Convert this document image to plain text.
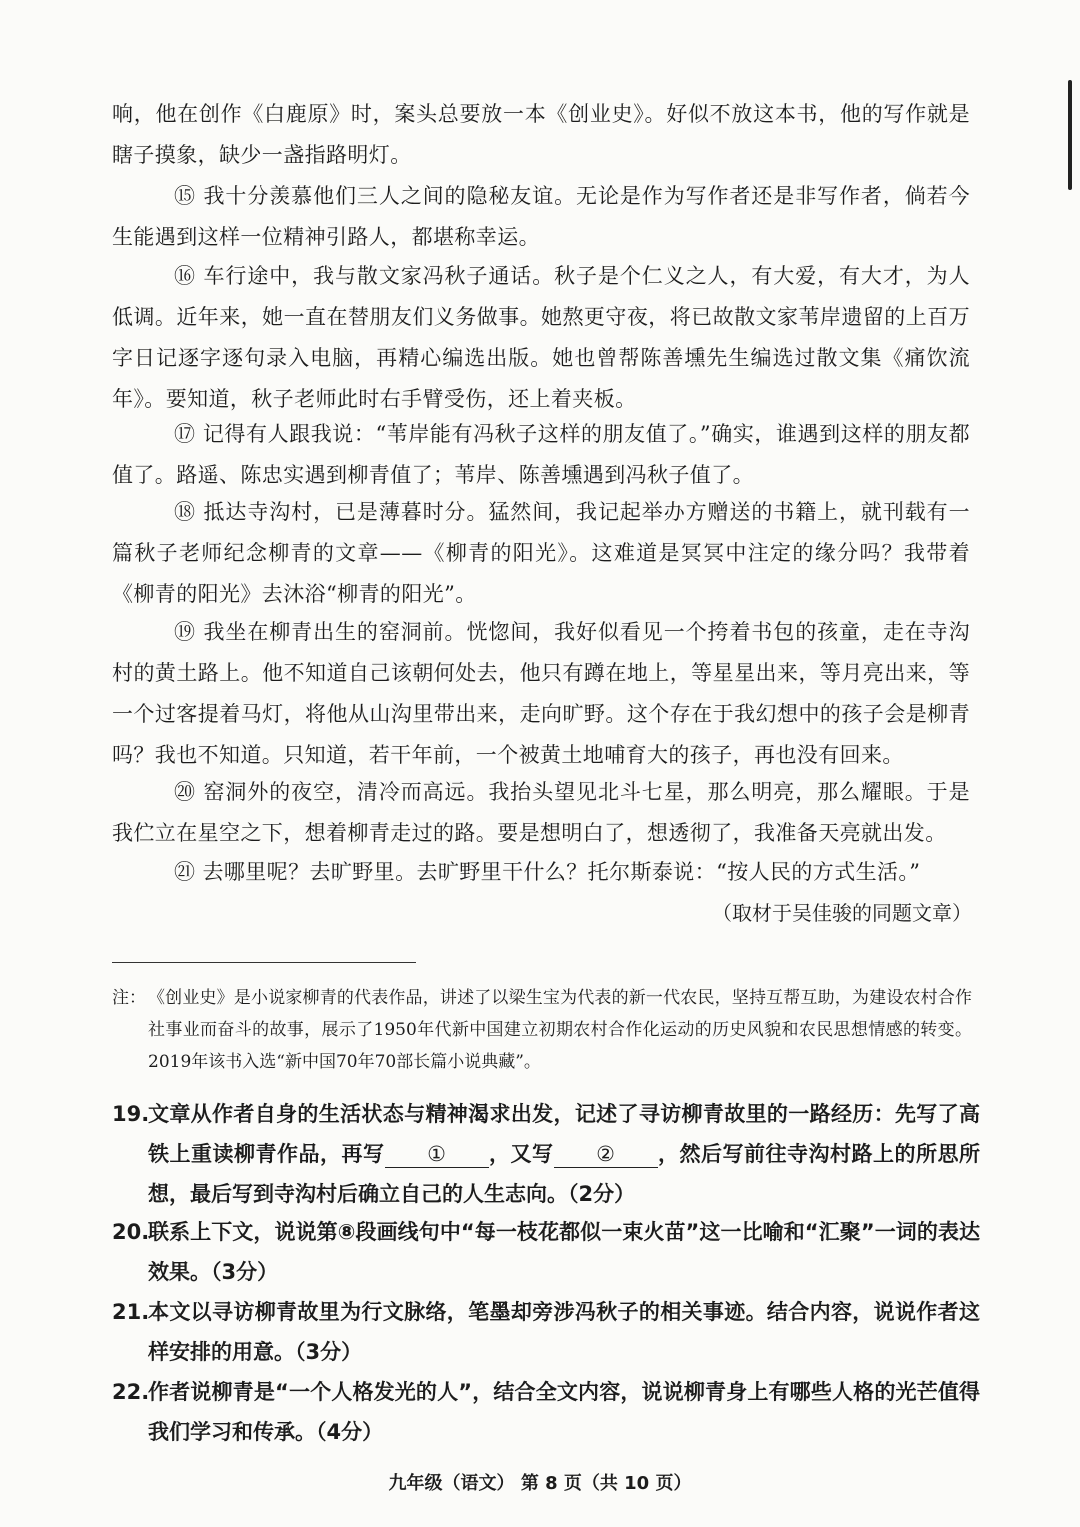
响，他在创作《白鹿原》时，案头总要放一本《创业史》。好似不放这本书，他的写作就是瞎子摸象，缺少一盏指路明灯。
⑮ 我十分羡慕他们三人之间的隐秘友谊。无论是作为写作者还是非写作者，倘若今生能遇到这样一位精神引路人，都堪称幸运。
⑯ 车行途中，我与散文家冯秋子通话。秋子是个仁义之人，有大爱，有大才，为人低调。近年来，她一直在替朋友们义务做事。她熬更守夜，将已故散文家苇岸遗留的上百万字日记逐字逐句录入电脑，再精心编选出版。她也曾帮陈善壎先生编选过散文集《痛饮流年》。要知道，秋子老师此时右手臂受伤，还上着夹板。
⑰ 记得有人跟我说：“苇岸能有冯秋子这样的朋友值了。”确实，谁遇到这样的朋友都值了。路遥、陈忠实遇到柳青值了；苇岸、陈善壎遇到冯秋子值了。
⑱ 抵达寺沟村，已是薄暮时分。猛然间，我记起举办方赠送的书籍上，就刊载有一篇秋子老师纪念柳青的文章——《柳青的阳光》。这难道是冥冥中注定的缘分吗？我带着《柳青的阳光》去沐浴“柳青的阳光”。
⑲ 我坐在柳青出生的窑洞前。恍惚间，我好似看见一个挎着书包的孩童，走在寺沟村的黄土路上。他不知道自己该朝何处去，他只有蹲在地上，等星星出来，等月亮出来，等一个过客提着马灯，将他从山沟里带出来，走向旷野。这个存在于我幻想中的孩子会是柳青吗？我也不知道。只知道，若干年前，一个被黄土地哺育大的孩子，再也没有回来。
⑳ 窑洞外的夜空，清冷而高远。我抬头望见北斗七星，那么明亮，那么耀眼。于是我伫立在星空之下，想着柳青走过的路。要是想明白了，想透彻了，我准备天亮就出发。
㉑ 去哪里呢？去旷野里。去旷野里干什么？托尔斯泰说：“按人民的方式生活。”
（取材于吴佳骏的同题文章）
注： 《创业史》是小说家柳青的代表作品，讲述了以梁生宝为代表的新一代农民，坚持互帮互助，为建设农村合作社事业而奋斗的故事，展示了1950年代新中国建立初期农村合作化运动的历史风貌和农民思想情感的转变。2019年该书入选“新中国70年70部长篇小说典藏”。
19.文章从作者自身的生活状态与精神渴求出发，记述了寻访柳青故里的一路经历：先写了高铁上重读柳青作品，再写 ① ，又写 ② ，然后写前往寺沟村路上的所思所想，最后写到寺沟村后确立自己的人生志向。（2分）
20.联系上下文，说说第⑧段画线句中“每一枝花都似一束火苗”这一比喻和“汇聚”一词的表达效果。（3分）
21.本文以寻访柳青故里为行文脉络，笔墨却旁涉冯秋子的相关事迹。结合内容，说说作者这样安排的用意。（3分）
22.作者说柳青是“一个人格发光的人”，结合全文内容，说说柳青身上有哪些人格的光芒值得我们学习和传承。（4分）
九年级（语文） 第 8 页（共 10 页）
